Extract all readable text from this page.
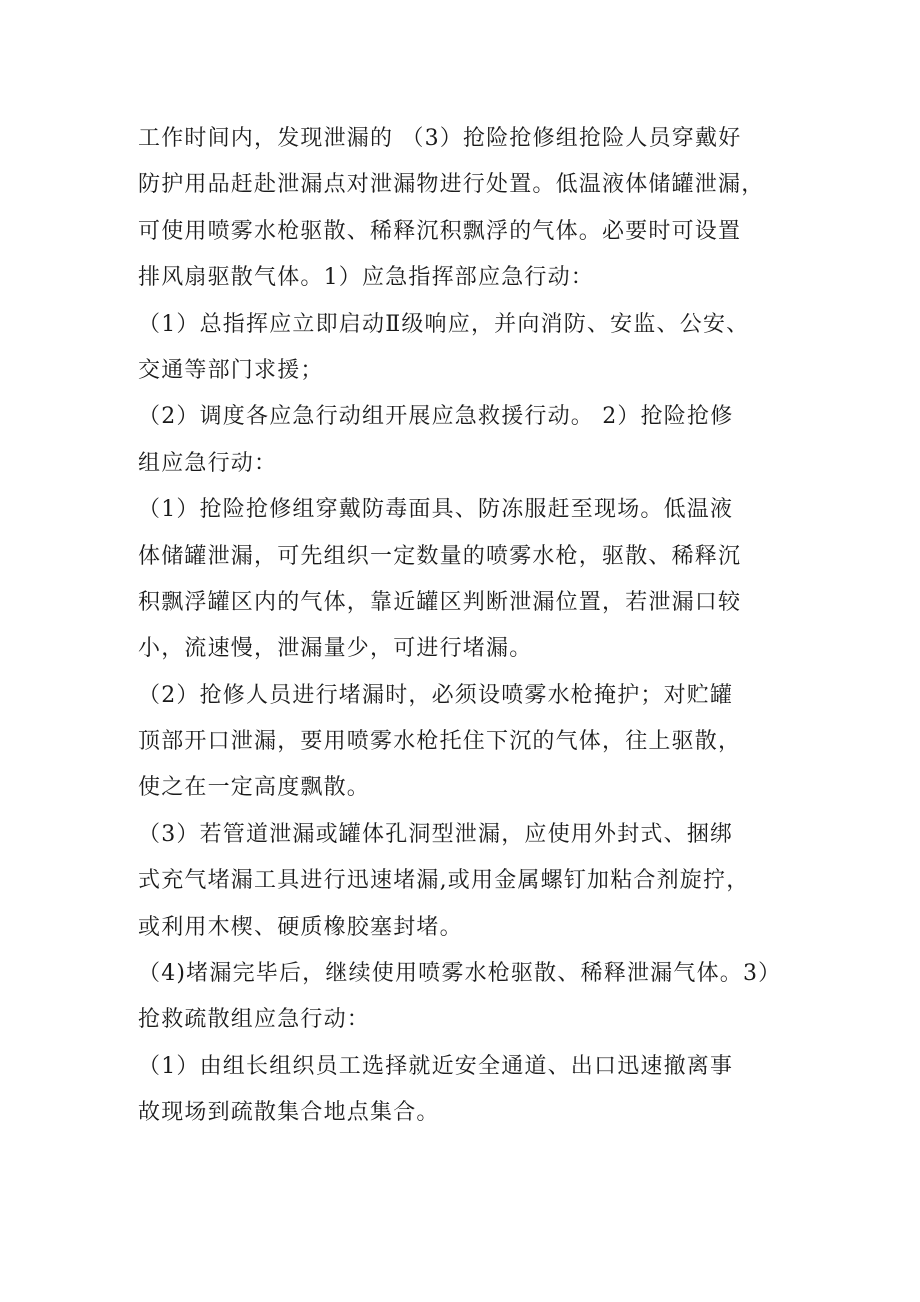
工作时间内，发现泄漏的 （3）抢险抢修组抢险人员穿戴好
防护用品赶赴泄漏点对泄漏物进行处置。低温液体储罐泄漏，
可使用喷雾水枪驱散、稀释沉积飘浮的气体。必要时可设置
排风扇驱散气体。1）应急指挥部应急行动：
（1）总指挥应立即启动Ⅱ级响应，并向消防、安监、公安、
交通等部门求援；
（2）调度各应急行动组开展应急救援行动。 2）抢险抢修
组应急行动：
（1）抢险抢修组穿戴防毒面具、防冻服赶至现场。低温液
体储罐泄漏，可先组织一定数量的喷雾水枪，驱散、稀释沉
积飘浮罐区内的气体，靠近罐区判断泄漏位置，若泄漏口较
小，流速慢，泄漏量少，可进行堵漏。
（2）抢修人员进行堵漏时，必须设喷雾水枪掩护；对贮罐
顶部开口泄漏，要用喷雾水枪托住下沉的气体，往上驱散，
使之在一定高度飘散。
（3）若管道泄漏或罐体孔洞型泄漏，应使用外封式、捆绑
式充气堵漏工具进行迅速堵漏,或用金属螺钉加粘合剂旋拧，
或利用木楔、硬质橡胶塞封堵。
（4)堵漏完毕后，继续使用喷雾水枪驱散、稀释泄漏气体。3）
抢救疏散组应急行动：
（1）由组长组织员工选择就近安全通道、出口迅速撤离事
故现场到疏散集合地点集合。
